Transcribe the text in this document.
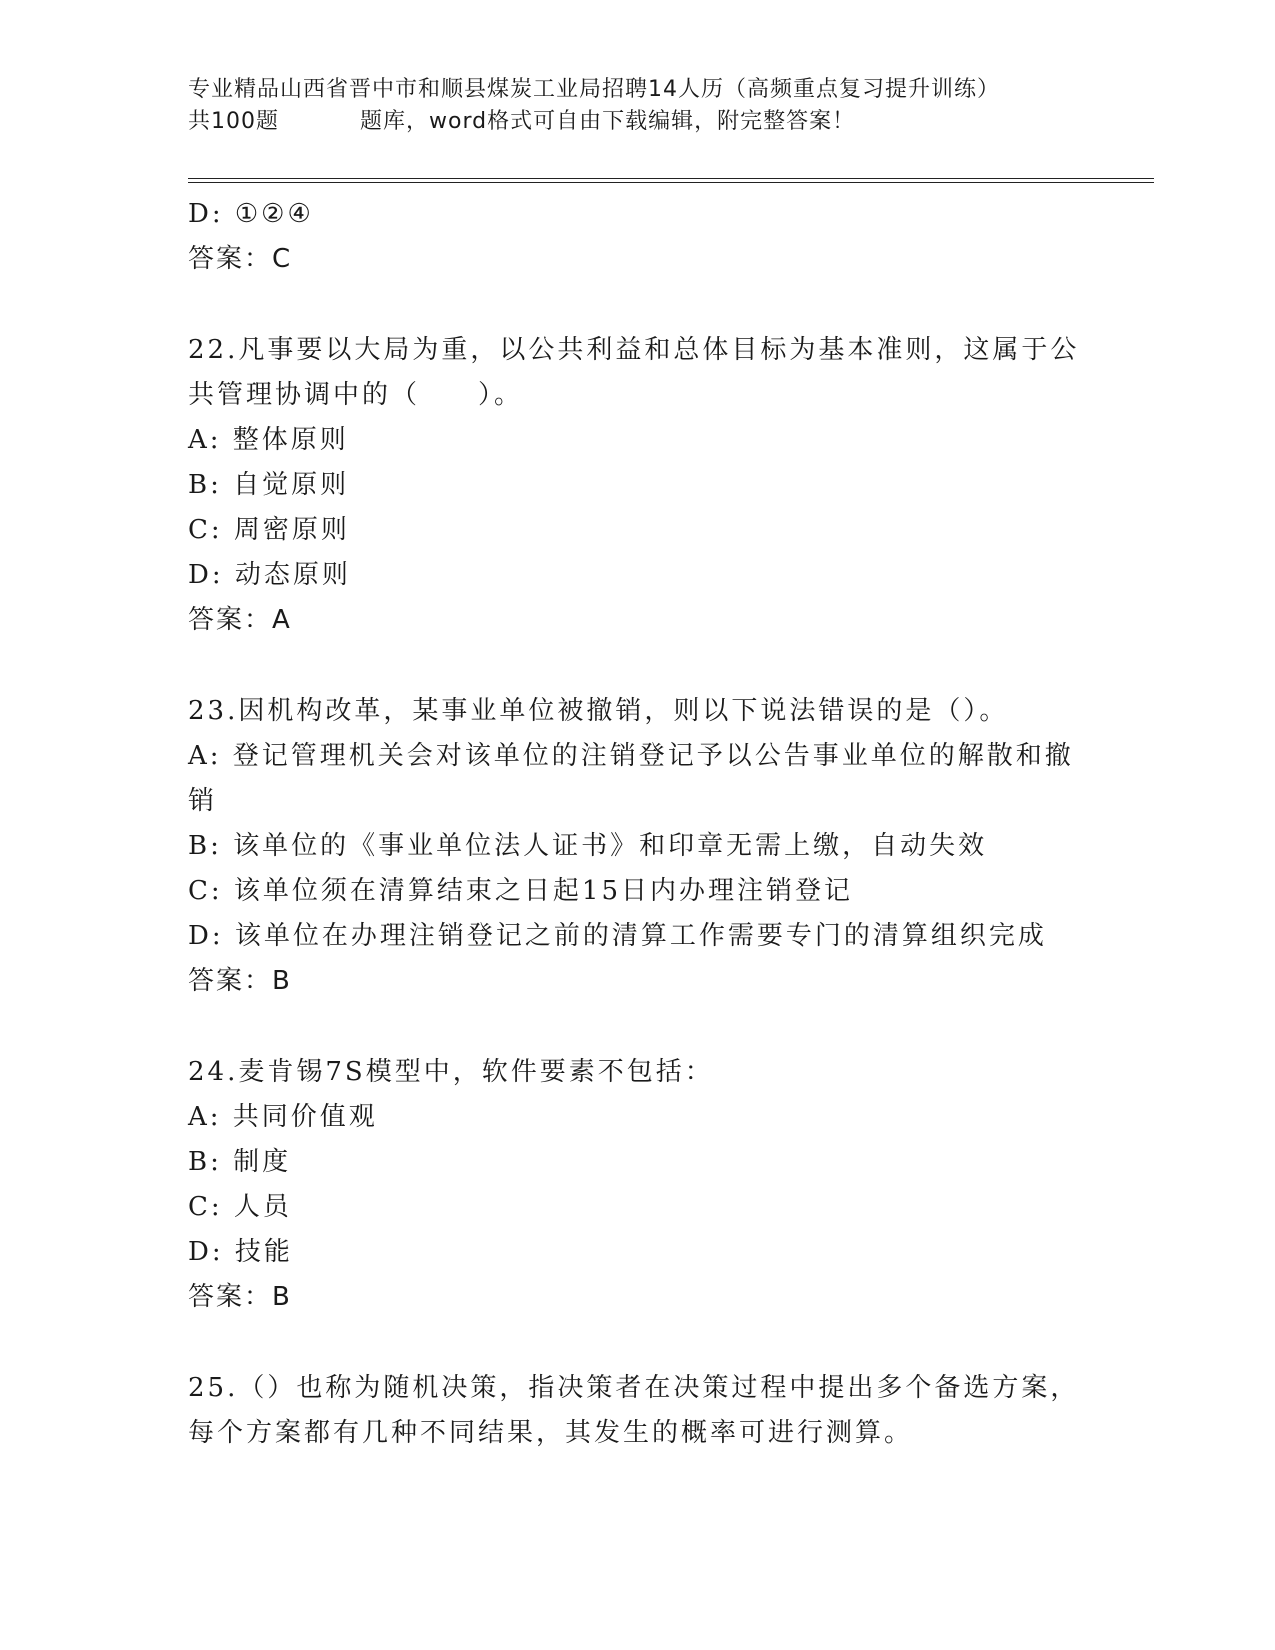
专业精品山西省晋中市和顺县煤炭工业局招聘14人历（高频重点复习提升训练）
共100题	题库，word格式可自由下载编辑，附完整答案！
D: ①②④
答案：C
22.凡事要以大局为重，以公共利益和总体目标为基本准则，这属于公
共管理协调中的（　　）。
A: 整体原则
B: 自觉原则
C: 周密原则
D: 动态原则
答案：A
23.因机构改革，某事业单位被撤销，则以下说法错误的是（）。
A: 登记管理机关会对该单位的注销登记予以公告事业单位的解散和撤
销
B: 该单位的《事业单位法人证书》和印章无需上缴，自动失效
C: 该单位须在清算结束之日起15日内办理注销登记
D: 该单位在办理注销登记之前的清算工作需要专门的清算组织完成
答案：B
24.麦肯锡7S模型中，软件要素不包括：
A: 共同价值观
B: 制度
C: 人员
D: 技能
答案：B
25.（）也称为随机决策，指决策者在决策过程中提出多个备选方案，
每个方案都有几种不同结果，其发生的概率可进行测算。
